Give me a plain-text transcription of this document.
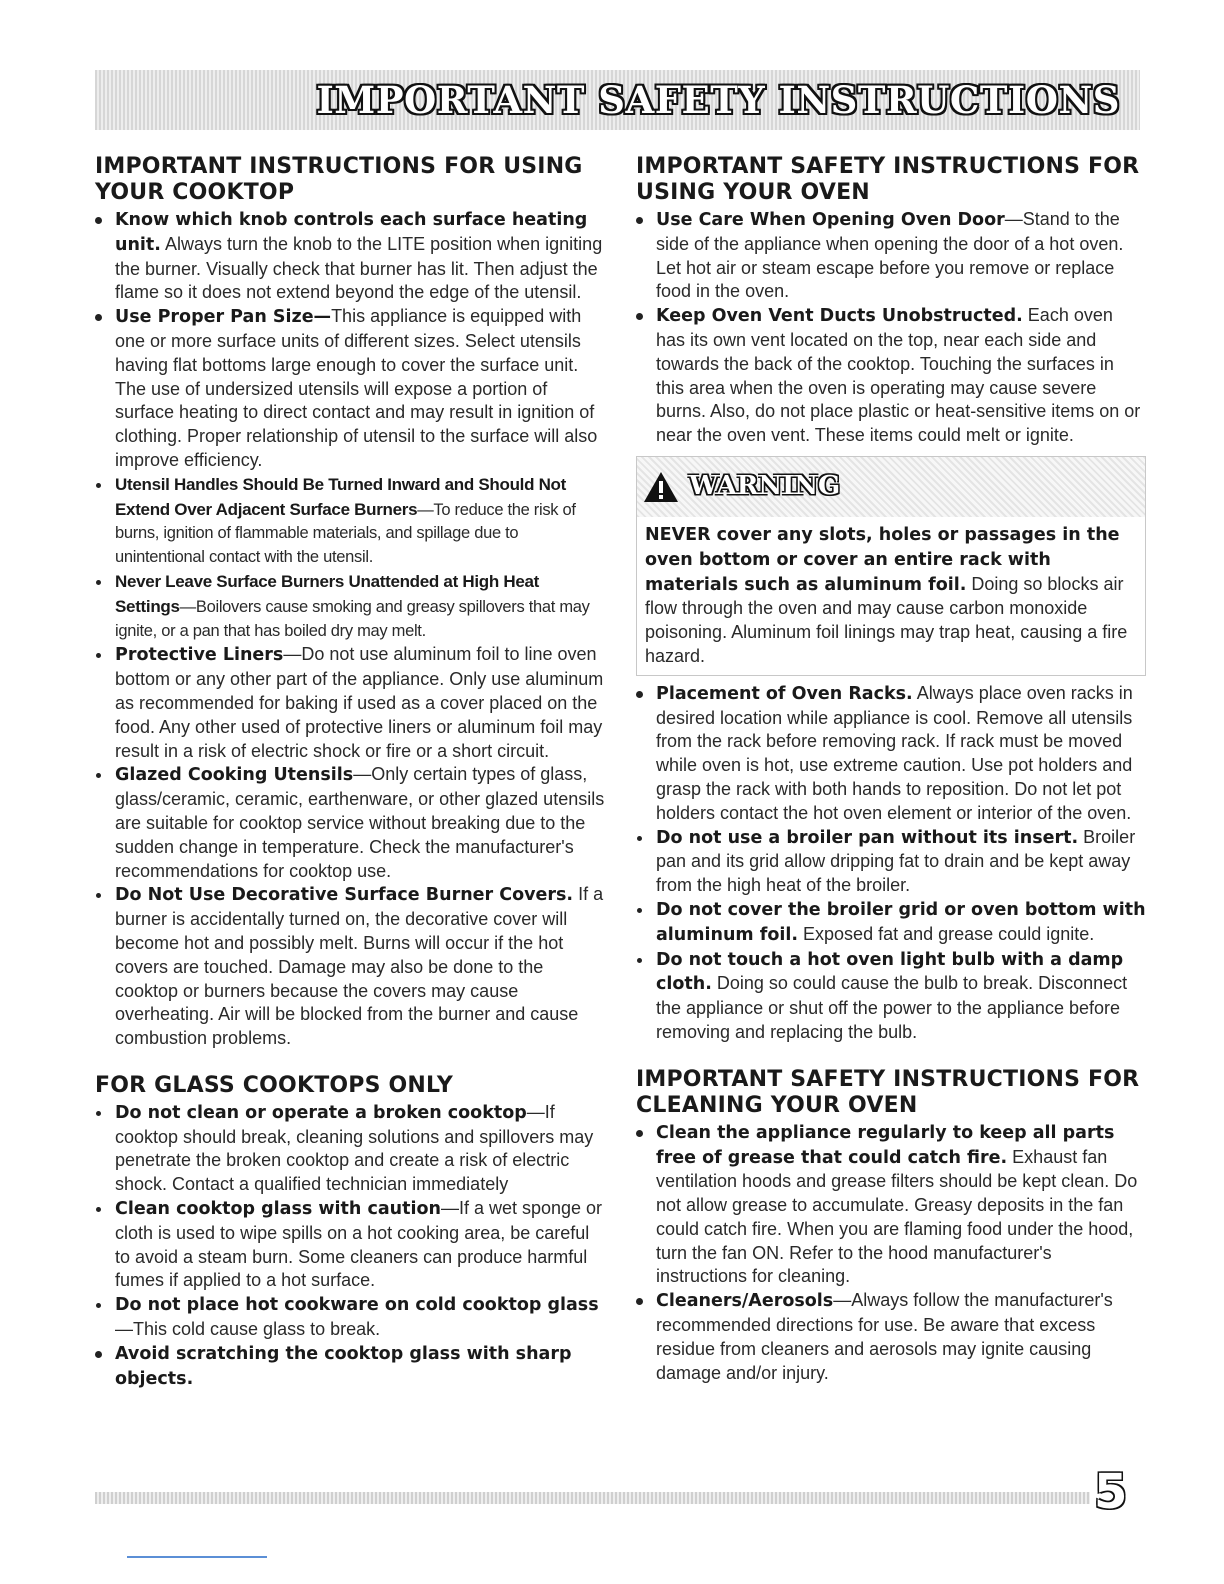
IMPORTANT SAFETY INSTRUCTIONS
IMPORTANT INSTRUCTIONS FOR USING YOUR COOKTOP
Know which knob controls each surface heating unit. Always turn the knob to the LITE position when igniting the burner. Visually check that burner has lit. Then adjust the flame so it does not extend beyond the edge of the utensil.
Use Proper Pan Size—This appliance is equipped with one or more surface units of different sizes. Select utensils having flat bottoms large enough to cover the surface unit. The use of undersized utensils will expose a portion of surface heating to direct contact and may result in ignition of clothing. Proper relationship of utensil to the surface will also improve efficiency.
Utensil Handles Should Be Turned Inward and Should Not Extend Over Adjacent Surface Burners—To reduce the risk of burns, ignition of flammable materials, and spillage due to unintentional contact with the utensil.
Never Leave Surface Burners Unattended at High Heat Settings—Boilovers cause smoking and greasy spillovers that may ignite, or a pan that has boiled dry may melt.
Protective Liners—Do not use aluminum foil to line oven bottom or any other part of the appliance. Only use aluminum as recommended for baking if used as a cover placed on the food. Any other used of protective liners or aluminum foil may result in a risk of electric shock or fire or a short circuit.
Glazed Cooking Utensils—Only certain types of glass, glass/ceramic, ceramic, earthenware, or other glazed utensils are suitable for cooktop service without breaking due to the sudden change in temperature. Check the manufacturer's recommendations for cooktop use.
Do Not Use Decorative Surface Burner Covers. If a burner is accidentally turned on, the decorative cover will become hot and possibly melt. Burns will occur if the hot covers are touched. Damage may also be done to the cooktop or burners because the covers may cause overheating. Air will be blocked from the burner and cause combustion problems.
FOR GLASS COOKTOPS ONLY
Do not clean or operate a broken cooktop—If cooktop should break, cleaning solutions and spillovers may penetrate the broken cooktop and create a risk of electric shock. Contact a qualified technician immediately
Clean cooktop glass with caution—If a wet sponge or cloth is used to wipe spills on a hot cooking area, be careful to avoid a steam burn. Some cleaners can produce harmful fumes if applied to a hot surface.
Do not place hot cookware on cold cooktop glass—This cold cause glass to break.
Avoid scratching the cooktop glass with sharp objects.
IMPORTANT SAFETY INSTRUCTIONS FOR USING YOUR OVEN
Use Care When Opening Oven Door—Stand to the side of the appliance when opening the door of a hot oven. Let hot air or steam escape before you remove or replace food in the oven.
Keep Oven Vent Ducts Unobstructed. Each oven has its own vent located on the top, near each side and towards the back of the cooktop. Touching the surfaces in this area when the oven is operating may cause severe burns. Also, do not place plastic or heat-sensitive items on or near the oven vent. These items could melt or ignite.
WARNING
NEVER cover any slots, holes or passages in the oven bottom or cover an entire rack with materials such as aluminum foil. Doing so blocks air flow through the oven and may cause carbon monoxide poisoning. Aluminum foil linings may trap heat, causing a fire hazard.
Placement of Oven Racks. Always place oven racks in desired location while appliance is cool. Remove all utensils from the rack before removing rack. If rack must be moved while oven is hot, use extreme caution. Use pot holders and grasp the rack with both hands to reposition. Do not let pot holders contact the hot oven element or interior of the oven.
Do not use a broiler pan without its insert. Broiler pan and its grid allow dripping fat to drain and be kept away from the high heat of the broiler.
Do not cover the broiler grid or oven bottom with aluminum foil. Exposed fat and grease could ignite.
Do not touch a hot oven light bulb with a damp cloth. Doing so could cause the bulb to break. Disconnect the appliance or shut off the power to the appliance before removing and replacing the bulb.
IMPORTANT SAFETY INSTRUCTIONS FOR CLEANING YOUR OVEN
Clean the appliance regularly to keep all parts free of grease that could catch fire. Exhaust fan ventilation hoods and grease filters should be kept clean. Do not allow grease to accumulate. Greasy deposits in the fan could catch fire. When you are flaming food under the hood, turn the fan ON. Refer to the hood manufacturer's instructions for cleaning.
Cleaners/Aerosols—Always follow the manufacturer's recommended directions for use. Be aware that excess residue from cleaners and aerosols may ignite causing damage and/or injury.
5
